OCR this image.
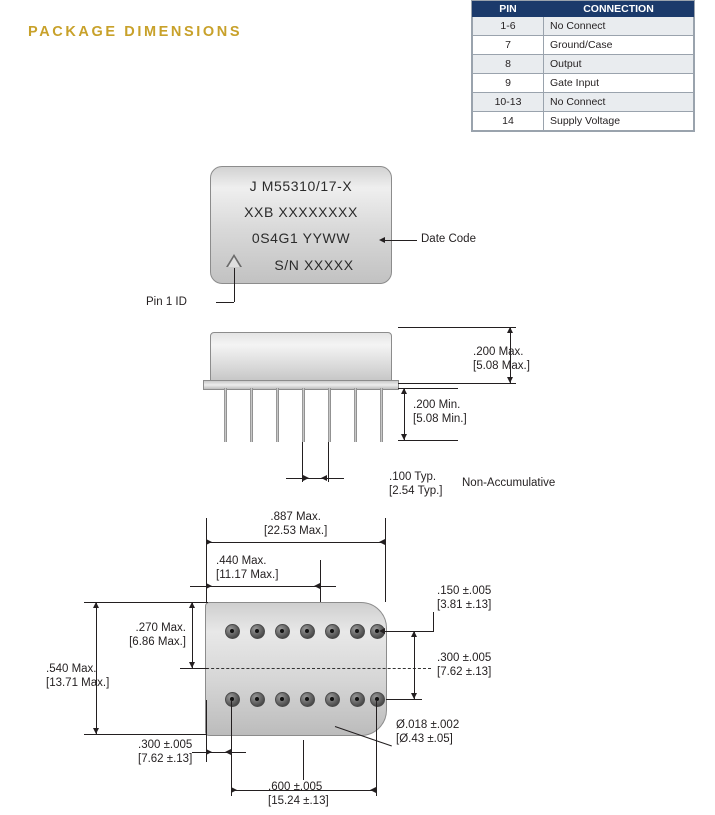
PACKAGE DIMENSIONS
PIN	CONNECTION
1-6	No Connect
7	Ground/Case
8	Output
9	Gate Input
10-13	No Connect
14	Supply Voltage
J M55310/17-X
XXB XXXXXXXX
0S4G1 YYWW
S/N XXXXX
Date Code
Pin 1 ID
.200 Max.
[5.08 Max.]
.200 Min.
[5.08 Min.]
.100 Typ.
[2.54 Typ.]
Non-Accumulative
.887 Max.
[22.53 Max.]
.440 Max.
[11.17 Max.]
.150 ±.005
[3.81 ±.13]
.300 ±.005
[7.62 ±.13]
.270 Max.
[6.86 Max.]
.540 Max.
[13.71 Max.]
Ø.018 ±.002
[Ø.43 ±.05]
.300 ±.005
[7.62 ±.13]
.600 ±.005
[15.24 ±.13]
